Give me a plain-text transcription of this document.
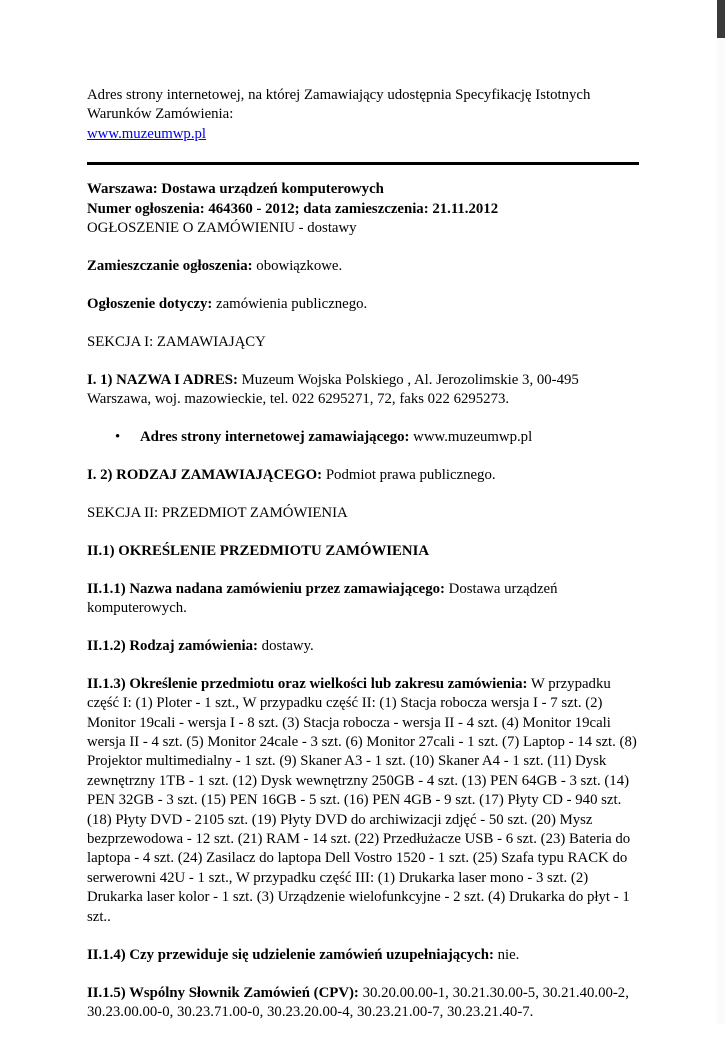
Adres strony internetowej, na której Zamawiający udostępnia Specyfikację Istotnych Warunków Zamówienia:

www.muzeumwp.pl

Warszawa: Dostawa urządzeń komputerowych

Numer ogłoszenia: 464360 - 2012; data zamieszczenia: 21.11.2012

OGŁOSZENIE O ZAMÓWIENIU - dostawy

Zamieszczanie ogłoszenia: obowiązkowe.

Ogłoszenie dotyczy: zamówienia publicznego.

SEKCJA I: ZAMAWIAJĄCY

I. 1) NAZWA I ADRES: Muzeum Wojska Polskiego , Al. Jerozolimskie 3, 00-495 Warszawa, woj. mazowieckie, tel. 022 6295271, 72, faks 022 6295273.

• Adres strony internetowej zamawiającego: www.muzeumwp.pl

I. 2) RODZAJ ZAMAWIAJĄCEGO: Podmiot prawa publicznego.

SEKCJA II: PRZEDMIOT ZAMÓWIENIA

II.1) OKREŚLENIE PRZEDMIOTU ZAMÓWIENIA

II.1.1) Nazwa nadana zamówieniu przez zamawiającego: Dostawa urządzeń komputerowych.

II.1.2) Rodzaj zamówienia: dostawy.

II.1.3) Określenie przedmiotu oraz wielkości lub zakresu zamówienia: W przypadku część I: (1) Ploter - 1 szt., W przypadku część II: (1) Stacja robocza wersja I - 7 szt. (2) Monitor 19cali - wersja I - 8 szt. (3) Stacja robocza - wersja II - 4 szt. (4) Monitor 19cali wersja II - 4 szt. (5) Monitor 24cale - 3 szt. (6) Monitor 27cali - 1 szt. (7) Laptop - 14 szt. (8) Projektor multimedialny - 1 szt. (9) Skaner A3 - 1 szt. (10) Skaner A4 - 1 szt. (11) Dysk zewnętrzny 1TB - 1 szt. (12) Dysk wewnętrzny 250GB - 4 szt. (13) PEN 64GB - 3 szt. (14) PEN 32GB - 3 szt. (15) PEN 16GB - 5 szt. (16) PEN 4GB - 9 szt. (17) Płyty CD - 940 szt. (18) Płyty DVD - 2105 szt. (19) Płyty DVD do archiwizacji zdjęć - 50 szt. (20) Mysz bezprzewodowa - 12 szt. (21) RAM - 14 szt. (22) Przedłużacze USB - 6 szt. (23) Bateria do laptopa - 4 szt. (24) Zasilacz do laptopa Dell Vostro 1520 - 1 szt. (25) Szafa typu RACK do serwerowni 42U - 1 szt., W przypadku część III: (1) Drukarka laser mono - 3 szt. (2) Drukarka laser kolor - 1 szt. (3) Urządzenie wielofunkcyjne - 2 szt. (4) Drukarka do płyt - 1 szt..

II.1.4) Czy przewiduje się udzielenie zamówień uzupełniających: nie.

II.1.5) Wspólny Słownik Zamówień (CPV): 30.20.00.00-1, 30.21.30.00-5, 30.21.40.00-2, 30.23.00.00-0, 30.23.71.00-0, 30.23.20.00-4, 30.23.21.00-7, 30.23.21.40-7.
